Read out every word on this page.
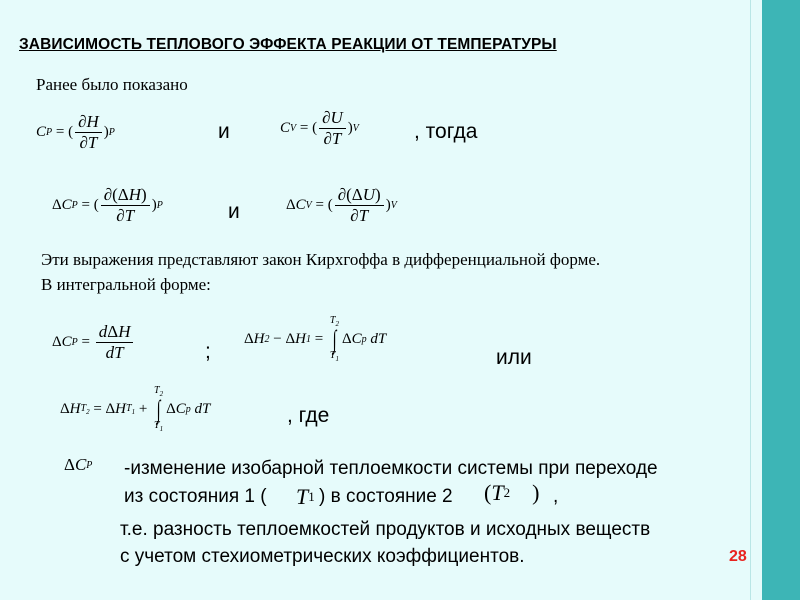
ЗАВИСИМОСТЬ ТЕПЛОВОГО ЭФФЕКТА РЕАКЦИИ ОТ ТЕМПЕРАТУРЫ
Ранее было показано
C P = ( $\frac{\partial H}{\partial T}$ ) P	и	C V = ( $\frac{\partial U}{\partial T}$ ) V	, тогда
Δ C P = ( $\frac{\partial(\Delta H)}{\partial T}$ ) P	и	Δ C V = ( $\frac{\partial(\Delta U)}{\partial T}$ ) V
Эти выражения представляют закон Кирхгоффа в дифференциальной форме.
В интегральной форме:
Δ C $P = \frac{\text{dΔH}}{dT}$	;
Δ H 2 − Δ H 1 =
$T_2$
∫
$T_1$
Δ C p
dT
или
Δ H $T_2 = \Delta$ H $T_1$ +
$T_2$
∫
$T_1$
Δ C p
dT	, где
Δ C P -изменение изобарной теплоемкости системы при переходе
из состояния 1 ( T 1 ) в состояние 2 ( T 2 ) ,
т.е. разность теплоемкостей продуктов и исходных веществ
с учетом стехиометрических коэффициентов.	28
